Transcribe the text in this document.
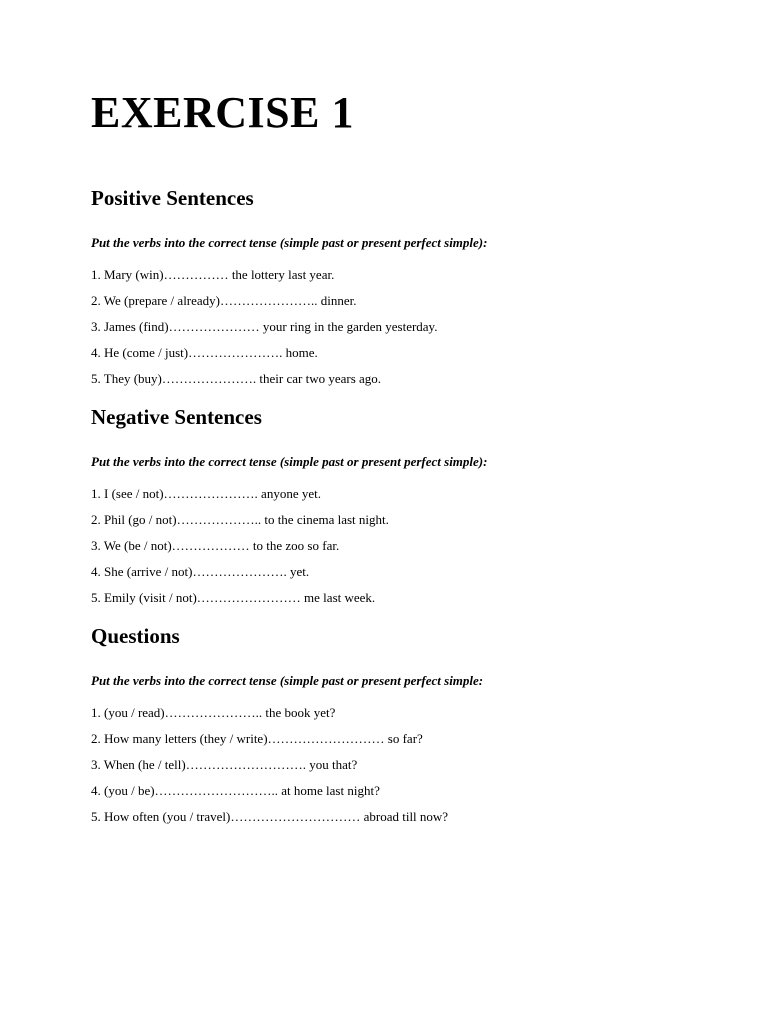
EXERCISE 1
Positive Sentences

Put the verbs into the correct tense (simple past or present perfect simple):

1. Mary (win)…………… the lottery last year.
2. We (prepare / already)………………….. dinner.
3. James (find)………………… your ring in the garden yesterday.
4. He (come / just)…………………. home.
5. They (buy)…………………. their car two years ago.
Negative Sentences

Put the verbs into the correct tense (simple past or present perfect simple):

1. I (see / not)…………………. anyone yet.
2. Phil (go / not)……………….. to the cinema last night.
3. We (be / not)……………… to the zoo so far.
4. She (arrive / not)…………………. yet.
5. Emily (visit / not)…………………… me last week.
Questions

Put the verbs into the correct tense (simple past or present perfect simple:

1. (you / read)………………….. the book yet?
2. How many letters (they / write)……………………… so far?
3. When (he / tell)………………………. you that?
4. (you / be)……………………….. at home last night?
5. How often (you / travel)………………………… abroad till now?
